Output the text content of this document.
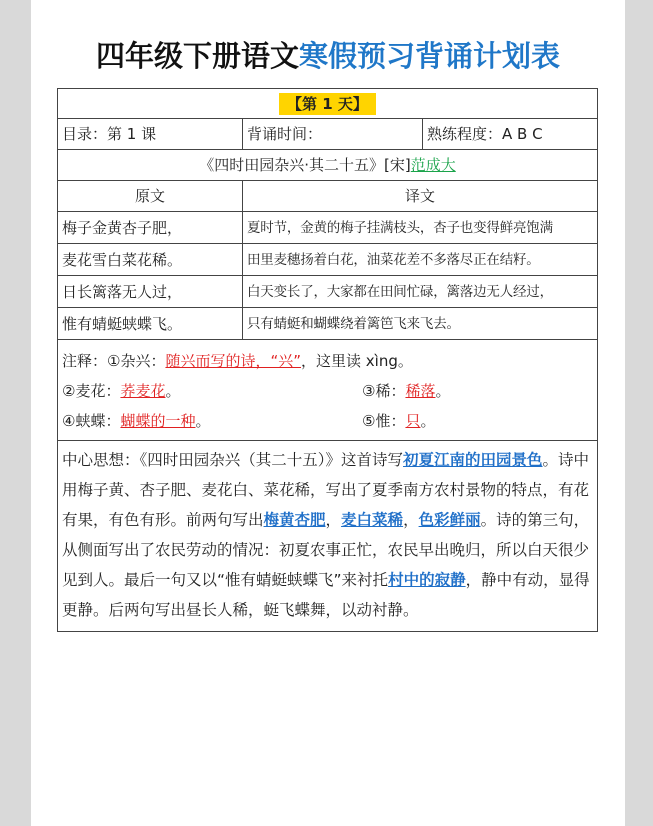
四年级下册语文寒假预习背诵计划表
【第 1 天】		
目录：第 1 课	背诵时间：	熟练程度：A B C
《四时田园杂兴·其二十五》[宋]范成大		
原文	译文	
梅子金黄杏子肥，	夏时节，金黄的梅子挂满枝头，杏子也变得鲜亮饱满	
麦花雪白菜花稀。	田里麦穗扬着白花，油菜花差不多落尽正在结籽。	
日长篱落无人过，	白天变长了，大家都在田间忙碌，篱落边无人经过，	
惟有蜻蜓蛱蝶飞。	只有蜻蜓和蝴蝶绕着篱笆飞来飞去。	

注释：①杂兴：随兴而写的诗，“兴”，这里读 xìng。
②麦花：荞麦花。 ③稀：稀落。
④蛱蝶：蝴蝶的一种。 ⑤惟：只。		

中心思想：《四时田园杂兴（其二十五）》这首诗写初夏江南的田园景色。诗中用梅子黄、杏子肥、麦花白、菜花稀，写出了夏季南方农村景物的特点，有花有果，有色有形。前两句写出梅黄杏肥，麦白菜稀，色彩鲜丽。诗的第三句，从侧面写出了农民劳动的情况：初夏农事正忙，农民早出晚归，所以白天很少见到人。最后一句又以“惟有蜻蜓蛱蝶飞”来衬托村中的寂静，静中有动，显得更静。后两句写出昼长人稀，蜓飞蝶舞，以动衬静。		
